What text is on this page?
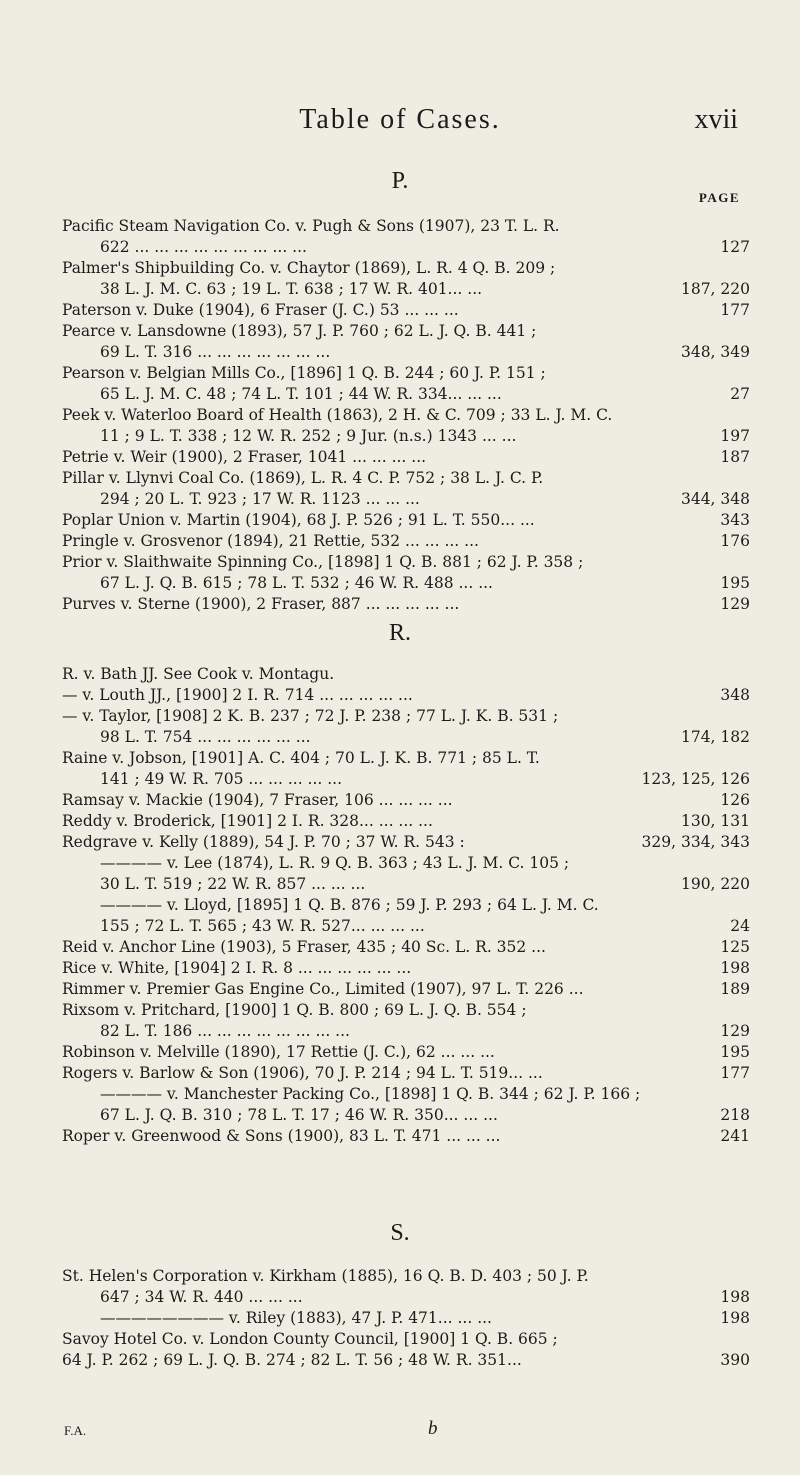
Table of Cases.	xvii
P.
PAGE
Pacific Steam Navigation Co. v. Pugh & Sons (1907), 23 T. L. R.
622 ... ... ... ... ... ... ... ... ...	127
Palmer's Shipbuilding Co. v. Chaytor (1869), L. R. 4 Q. B. 209 ;
38 L. J. M. C. 63 ; 19 L. T. 638 ; 17 W. R. 401... ...	187, 220
Paterson v. Duke (1904), 6 Fraser (J. C.) 53 ... ... ...	177
Pearce v. Lansdowne (1893), 57 J. P. 760 ; 62 L. J. Q. B. 441 ;
69 L. T. 316 ... ... ... ... ... ... ...	348, 349
Pearson v. Belgian Mills Co., [1896] 1 Q. B. 244 ; 60 J. P. 151 ;
65 L. J. M. C. 48 ; 74 L. T. 101 ; 44 W. R. 334... ... ...	27
Peek v. Waterloo Board of Health (1863), 2 H. & C. 709 ; 33 L. J. M. C.
11 ; 9 L. T. 338 ; 12 W. R. 252 ; 9 Jur. (n.s.) 1343 ... ...	197
Petrie v. Weir (1900), 2 Fraser, 1041 ... ... ... ...	187
Pillar v. Llynvi Coal Co. (1869), L. R. 4 C. P. 752 ; 38 L. J. C. P.
294 ; 20 L. T. 923 ; 17 W. R. 1123 ... ... ...	344, 348
Poplar Union v. Martin (1904), 68 J. P. 526 ; 91 L. T. 550... ...	343
Pringle v. Grosvenor (1894), 21 Rettie, 532 ... ... ... ...	176
Prior v. Slaithwaite Spinning Co., [1898] 1 Q. B. 881 ; 62 J. P. 358 ;
67 L. J. Q. B. 615 ; 78 L. T. 532 ; 46 W. R. 488 ... ...	195
Purves v. Sterne (1900), 2 Fraser, 887 ... ... ... ... ...	129
R.
R. v. Bath JJ. See Cook v. Montagu.
— v. Louth JJ., [1900] 2 I. R. 714 ... ... ... ... ...	348
— v. Taylor, [1908] 2 K. B. 237 ; 72 J. P. 238 ; 77 L. J. K. B. 531 ;
98 L. T. 754 ... ... ... ... ... ...	174, 182
Raine v. Jobson, [1901] A. C. 404 ; 70 L. J. K. B. 771 ; 85 L. T.
141 ; 49 W. R. 705 ... ... ... ... ...	123, 125, 126
Ramsay v. Mackie (1904), 7 Fraser, 106 ... ... ... ...	126
Reddy v. Broderick, [1901] 2 I. R. 328... ... ... ...	130, 131
Redgrave v. Kelly (1889), 54 J. P. 70 ; 37 W. R. 543 :	329, 334, 343
———— v. Lee (1874), L. R. 9 Q. B. 363 ; 43 L. J. M. C. 105 ;
30 L. T. 519 ; 22 W. R. 857 ... ... ...	190, 220
———— v. Lloyd, [1895] 1 Q. B. 876 ; 59 J. P. 293 ; 64 L. J. M. C.
155 ; 72 L. T. 565 ; 43 W. R. 527... ... ... ...	24
Reid v. Anchor Line (1903), 5 Fraser, 435 ; 40 Sc. L. R. 352 ...	125
Rice v. White, [1904] 2 I. R. 8 ... ... ... ... ... ...	198
Rimmer v. Premier Gas Engine Co., Limited (1907), 97 L. T. 226 ...	189
Rixsom v. Pritchard, [1900] 1 Q. B. 800 ; 69 L. J. Q. B. 554 ;
82 L. T. 186 ... ... ... ... ... ... ... ...	129
Robinson v. Melville (1890), 17 Rettie (J. C.), 62 ... ... ...	195
Rogers v. Barlow & Son (1906), 70 J. P. 214 ; 94 L. T. 519... ...	177
———— v. Manchester Packing Co., [1898] 1 Q. B. 344 ; 62 J. P. 166 ;
67 L. J. Q. B. 310 ; 78 L. T. 17 ; 46 W. R. 350... ... ...	218
Roper v. Greenwood & Sons (1900), 83 L. T. 471 ... ... ...	241
S.
St. Helen's Corporation v. Kirkham (1885), 16 Q. B. D. 403 ; 50 J. P.
647 ; 34 W. R. 440 ... ... ...	198
———————— v. Riley (1883), 47 J. P. 471... ... ...	198
Savoy Hotel Co. v. London County Council, [1900] 1 Q. B. 665 ;
64 J. P. 262 ; 69 L. J. Q. B. 274 ; 82 L. T. 56 ; 48 W. R. 351...	390
F.A.	b
